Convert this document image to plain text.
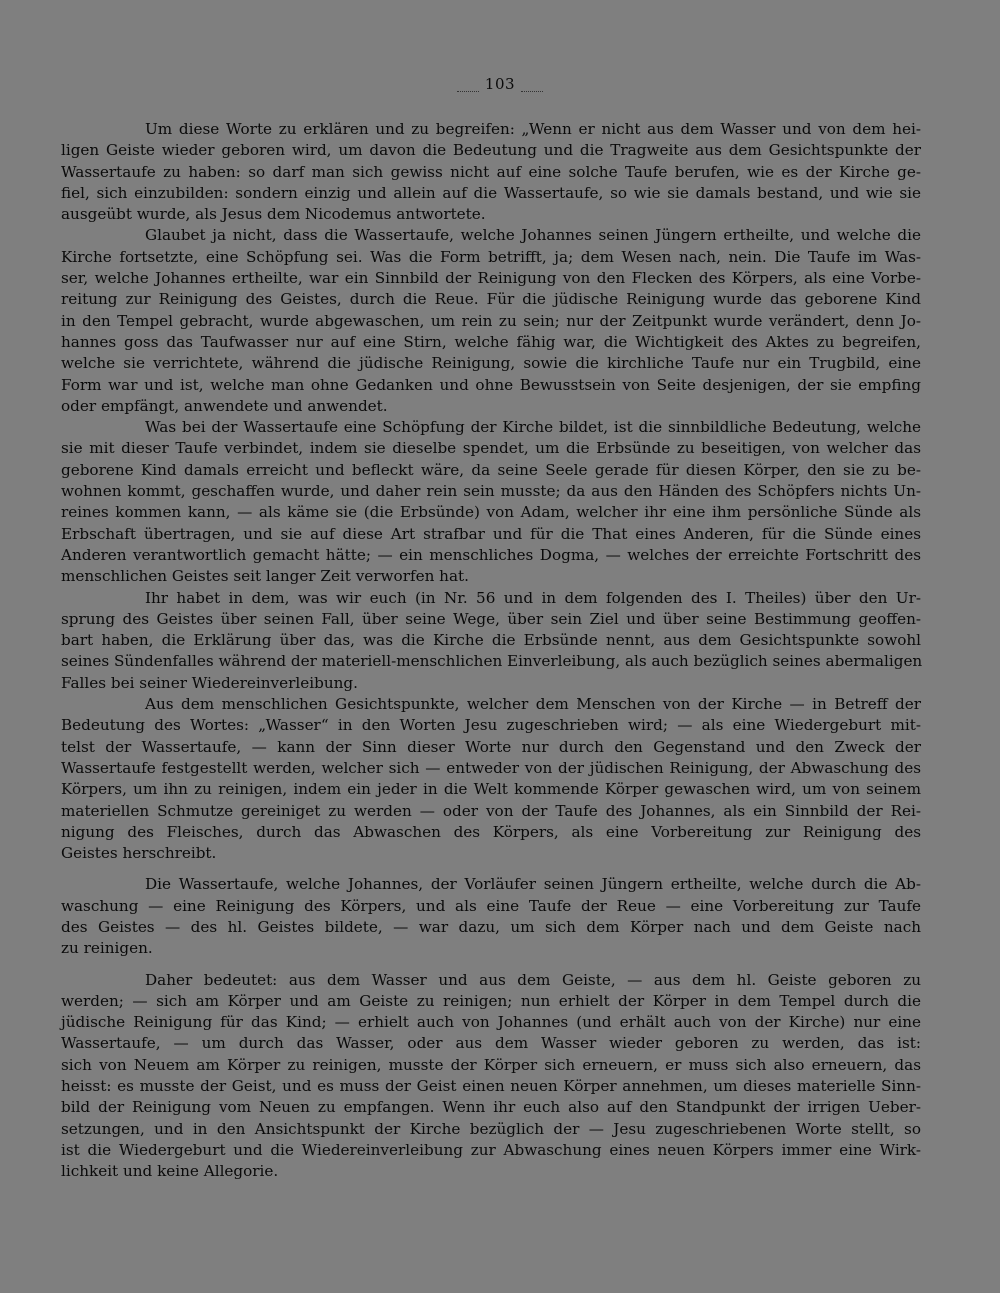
103
Um diese Worte zu erklären und zu begreifen: „Wenn er nicht aus dem Wasser und von dem hei-
ligen Geiste wieder geboren wird, um davon die Bedeutung und die Tragweite aus dem Gesichtspunkte der
Wassertaufe zu haben: so darf man sich gewiss nicht auf eine solche Taufe berufen, wie es der Kirche ge-
fiel, sich einzubilden: sondern einzig und allein auf die Wassertaufe, so wie sie damals bestand, und wie sie
ausgeübt wurde, als Jesus dem Nicodemus antwortete.
Glaubet ja nicht, dass die Wassertaufe, welche Johannes seinen Jüngern ertheilte, und welche die
Kirche fortsetzte, eine Schöpfung sei. Was die Form betrifft, ja; dem Wesen nach, nein. Die Taufe im Was-
ser, welche Johannes ertheilte, war ein Sinnbild der Reinigung von den Flecken des Körpers, als eine Vorbe-
reitung zur Reinigung des Geistes, durch die Reue. Für die jüdische Reinigung wurde das geborene Kind
in den Tempel gebracht, wurde abgewaschen, um rein zu sein; nur der Zeitpunkt wurde verändert, denn Jo-
hannes goss das Taufwasser nur auf eine Stirn, welche fähig war, die Wichtigkeit des Aktes zu begreifen,
welche sie verrichtete, während die jüdische Reinigung, sowie die kirchliche Taufe nur ein Trugbild, eine
Form war und ist, welche man ohne Gedanken und ohne Bewusstsein von Seite desjenigen, der sie empfing
oder empfängt, anwendete und anwendet.
Was bei der Wassertaufe eine Schöpfung der Kirche bildet, ist die sinnbildliche Bedeutung, welche
sie mit dieser Taufe verbindet, indem sie dieselbe spendet, um die Erbsünde zu beseitigen, von welcher das
geborene Kind damals erreicht und befleckt wäre, da seine Seele gerade für diesen Körper, den sie zu be-
wohnen kommt, geschaffen wurde, und daher rein sein musste; da aus den Händen des Schöpfers nichts Un-
reines kommen kann, — als käme sie (die Erbsünde) von Adam, welcher ihr eine ihm persönliche Sünde als
Erbschaft übertragen, und sie auf diese Art strafbar und für die That eines Anderen, für die Sünde eines
Anderen verantwortlich gemacht hätte; — ein menschliches Dogma, — welches der erreichte Fortschritt des
menschlichen Geistes seit langer Zeit verworfen hat.
Ihr habet in dem, was wir euch (in Nr. 56 und in dem folgenden des I. Theiles) über den Ur-
sprung des Geistes über seinen Fall, über seine Wege, über sein Ziel und über seine Bestimmung geoffen-
bart haben, die Erklärung über das, was die Kirche die Erbsünde nennt, aus dem Gesichtspunkte sowohl
seines Sündenfalles während der materiell-menschlichen Einverleibung, als auch bezüglich seines abermaligen
Falles bei seiner Wiedereinverleibung.
Aus dem menschlichen Gesichtspunkte, welcher dem Menschen von der Kirche — in Betreff der
Bedeutung des Wortes: „Wasser“ in den Worten Jesu zugeschrieben wird; — als eine Wiedergeburt mit-
telst der Wassertaufe, — kann der Sinn dieser Worte nur durch den Gegenstand und den Zweck der
Wassertaufe festgestellt werden, welcher sich — entweder von der jüdischen Reinigung, der Abwaschung des
Körpers, um ihn zu reinigen, indem ein jeder in die Welt kommende Körper gewaschen wird, um von seinem
materiellen Schmutze gereiniget zu werden — oder von der Taufe des Johannes, als ein Sinnbild der Rei-
nigung des Fleisches, durch das Abwaschen des Körpers, als eine Vorbereitung zur Reinigung des
Geistes herschreibt.
Die Wassertaufe, welche Johannes, der Vorläufer seinen Jüngern ertheilte, welche durch die Ab-
waschung — eine Reinigung des Körpers, und als eine Taufe der Reue — eine Vorbereitung zur Taufe
des Geistes — des hl. Geistes bildete, — war dazu, um sich dem Körper nach und dem Geiste nach
zu reinigen.
Daher bedeutet: aus dem Wasser und aus dem Geiste, — aus dem hl. Geiste geboren zu
werden; — sich am Körper und am Geiste zu reinigen; nun erhielt der Körper in dem Tempel durch die
jüdische Reinigung für das Kind; — erhielt auch von Johannes (und erhält auch von der Kirche) nur eine
Wassertaufe, — um durch das Wasser, oder aus dem Wasser wieder geboren zu werden, das ist:
sich von Neuem am Körper zu reinigen, musste der Körper sich erneuern, er muss sich also erneuern, das
heisst: es musste der Geist, und es muss der Geist einen neuen Körper annehmen, um dieses materielle Sinn-
bild der Reinigung vom Neuen zu empfangen. Wenn ihr euch also auf den Standpunkt der irrigen Ueber-
setzungen, und in den Ansichtspunkt der Kirche bezüglich der — Jesu zugeschriebenen Worte stellt, so
ist die Wiedergeburt und die Wiedereinverleibung zur Abwaschung eines neuen Körpers immer eine Wirk-
lichkeit und keine Allegorie.
